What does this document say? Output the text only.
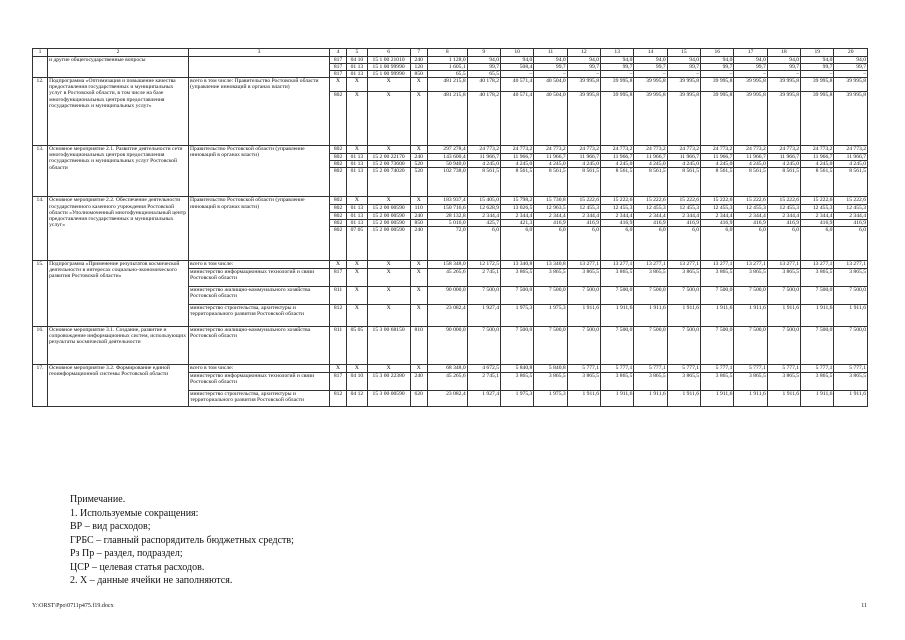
1	2	3	4	5	6	7	8	9	10	11	12	13	14	15	16	17	18	19	20
	и другие общегосударственные вопросы		817	04 10	15 1 00 21010	240	1 128,0	94,0	94,0	94,0	94,0	94,0	94,0	94,0	94,0	94,0	94,0	94,0	94,0
			817	01 13	15 1 00 99990	120	1 605,1	99,7	508,4	99,7	99,7	99,7	99,7	99,7	99,7	99,7	99,7	99,7	99,7
			817	01 13	15 1 00 99990	850	65,5	65,5	–	–	–	–	–	–	–	–	–	–	–
12.	Подпрограмма «Оптимизация и повышение качества предоставления государственных и муниципальных услуг в Ростовской области, в том числе на базе многофункциональных центров предоставления государственных и муниципальных услуг»	всего в том числе: Правительство Ростовской области (управление инноваций в органах власти)	X	X	X	X	481 215,8	40 178,2	40 571,4	40 504,0	39 995,8	39 995,8	39 995,8	39 995,8	39 995,8	39 995,8	39 995,8	39 995,8	39 995,8
			802	X	X	X	481 215,8	40 178,2	40 571,4	40 504,0	39 995,8	39 995,8	39 995,8	39 995,8	39 995,8	39 995,8	39 995,8	39 995,8	39 995,8
13.	Основное мероприятие 2.1. Развитие деятельности сети многофункциональных центров предоставления государственных и муниципальных услуг Ростовской области	Правительство Ростовской области (управление инноваций в органах власти)	802	X	X	X	297 278,4	24 773,2	24 773,2	24 773,2	24 773,2	24 773,2	24 773,2	24 773,2	24 773,2	24 773,2	24 773,2	24 773,2	24 773,2
			802	01 13	15 2 00 22170	240	143 600,4	11 966,7	11 966,7	11 966,7	11 966,7	11 966,7	11 966,7	11 966,7	11 966,7	11 966,7	11 966,7	11 966,7	11 966,7
			802	01 13	15 2 00 73600	520	50 940,0	4 245,0	4 245,0	4 245,0	4 245,0	4 245,0	4 245,0	4 245,0	4 245,0	4 245,0	4 245,0	4 245,0	4 245,0
			802	01 13	15 2 00 74020	520	102 738,0	8 561,5	8 561,5	8 561,5	8 561,5	8 561,5	8 561,5	8 561,5	8 561,5	8 561,5	8 561,5	8 561,5	8 561,5
14.	Основное мероприятие 2.2. Обеспечение деятельности государственного казенного учреждения Ростовской области «Уполномоченный многофункциональный центр предоставления государственных и муниципальных услуг»	Правительство Ростовской области (управление инноваций в органах власти)	802	X	X	X	183 937,4	15 405,0	15 798,2	15 730,8	15 222,6	15 222,6	15 222,6	15 222,6	15 222,6	15 222,6	15 222,6	15 222,6	15 222,6
			802	01 13	15 2 00 00590	110	150 716,6	12 628,9	13 026,5	12 963,5	12 455,3	12 455,3	12 455,3	12 455,3	12 455,3	12 455,3	12 455,3	12 455,3	12 455,3
			802	01 13	15 2 00 00590	240	28 132,8	2 344,4	2 344,4	2 344,4	2 344,4	2 344,4	2 344,4	2 344,4	2 344,4	2 344,4	2 344,4	2 344,4	2 344,4
			802	01 13	15 2 00 00590	850	5 016,0	425,7	421,3	416,9	416,9	416,9	416,9	416,9	416,9	416,9	416,9	416,9	416,9
			802	07 05	15 2 00 00590	240	72,0	6,0	6,0	6,0	6,0	6,0	6,0	6,0	6,0	6,0	6,0	6,0	6,0
15.	Подпрограмма «Применение результатов космической деятельности в интересах социально-экономического развития Ростовской области»	всего в том числе:	X	X	X	X	158 348,0	12 172,5	13 340,8	13 340,8	13 277,1	13 277,1	13 277,1	13 277,1	13 277,1	13 277,1	13 277,1	13 277,1	13 277,1
		министерство информационных технологий и связи Ростовской области	817	X	X	X	45 265,6	2 745,1	3 865,5	3 865,5	3 865,5	3 865,5	3 865,5	3 865,5	3 865,5	3 865,5	3 865,5	3 865,5	3 865,5
		министерство жилищно-коммунального хозяйства Ростовской области	811	X	X	X	90 000,0	7 500,0	7 500,0	7 500,0	7 500,0	7 500,0	7 500,0	7 500,0	7 500,0	7 500,0	7 500,0	7 500,0	7 500,0
		министерство строительства, архитектуры и территориального развития Ростовской области	812	X	X	X	23 082,4	1 927,4	1 975,3	1 975,3	1 911,6	1 911,6	1 911,6	1 911,6	1 911,6	1 911,6	1 911,6	1 911,6	1 911,6
16.	Основное мероприятие 3.1. Создание, развитие и сопровождение информационных систем, использующих результаты космической деятельности	министерство жилищно-коммунального хозяйства Ростовской области	811	05 05	15 3 00 68150	810	90 000,0	7 500,0	7 500,0	7 500,0	7 500,0	7 500,0	7 500,0	7 500,0	7 500,0	7 500,0	7 500,0	7 500,0	7 500,0
17.	Основное мероприятие 3.2. Формирование единой геоинформационной системы Ростовской области	всего в том числе:	X	X	X	X	68 348,0	4 672,5	5 840,8	5 840,8	5 777,1	5 777,1	5 777,1	5 777,1	5 777,1	5 777,1	5 777,1	5 777,1	5 777,1
		министерство информационных технологий и связи Ростовской области	817	04 10	15 3 00 22380	240	45 265,6	2 745,1	3 865,5	3 865,5	3 865,5	3 865,5	3 865,5	3 865,5	3 865,5	3 865,5	3 865,5	3 865,5	3 865,5
		министерство строительства, архитектуры и территориального развития Ростовской области	812	04 12	15 3 00 00590	620	23 082,4	1 927,4	1 975,3	1 975,3	1 911,6	1 911,6	1 911,6	1 911,6	1 911,6	1 911,6	1 911,6	1 911,6	1 911,6
Примечание.
1. Используемые сокращения:
ВР – вид расходов;
ГРБС – главный распорядитель бюджетных средств;
Рз Пр – раздел, подраздел;
ЦСР – целевая статья расходов.
2. Х – данные ячейки не заполняются.
Y:\ORST\Ppo\0711p475.f19.docx	11
